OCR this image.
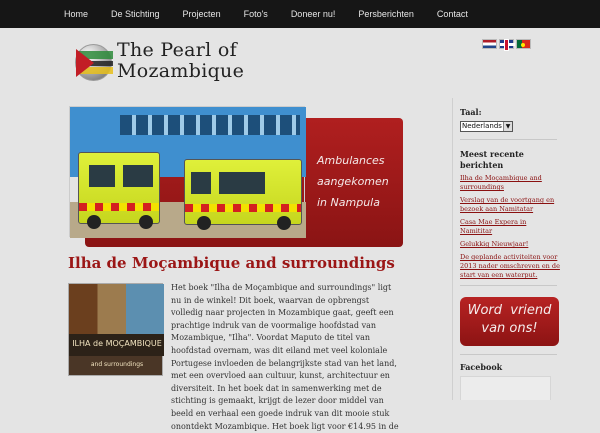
Home	De Stichting	Projecten	Foto's	Doneer nu!	Persberichten	Contact
The Pearl of
Mozambique
Ambulances
aangekomen
in Nampula
Ilha de Moçambique and surroundings
ILHA de MOÇAMBIQUE
and surroundings
Het boek "Ilha de Moçambique and surroundings" ligt nu in de winkel! Dit boek, waarvan de opbrengst volledig naar projecten in Mozambique gaat, geeft een prachtige indruk van de voormalige hoofdstad van Mozambique, "Ilha". Voordat Maputo de titel van hoofdstad overnam, was dit eiland met veel koloniale Portugese invloeden de belangrijkste stad van het land, met een overvloed aan cultuur, kunst, architectuur en diversiteit. In het boek dat in samenwerking met de stichting is gemaakt, krijgt de lezer door middel van beeld en verhaal een goede indruk van dit mooie stuk onontdekt Mozambique. Het boek ligt voor €14.95 in de
Taal:
Nederlands ▼
Meest recente berichten
Ilha de Moçambique and surroundings
Verslag van de voortgang en bezoek aan Namitatar
Casa Mae Expera in Namititar
Gelukkig Nieuwjaar!
De geplande activiteiten voor 2013 nader omschreven en de start van een waterput.
Word  vriend
van ons!
Facebook
